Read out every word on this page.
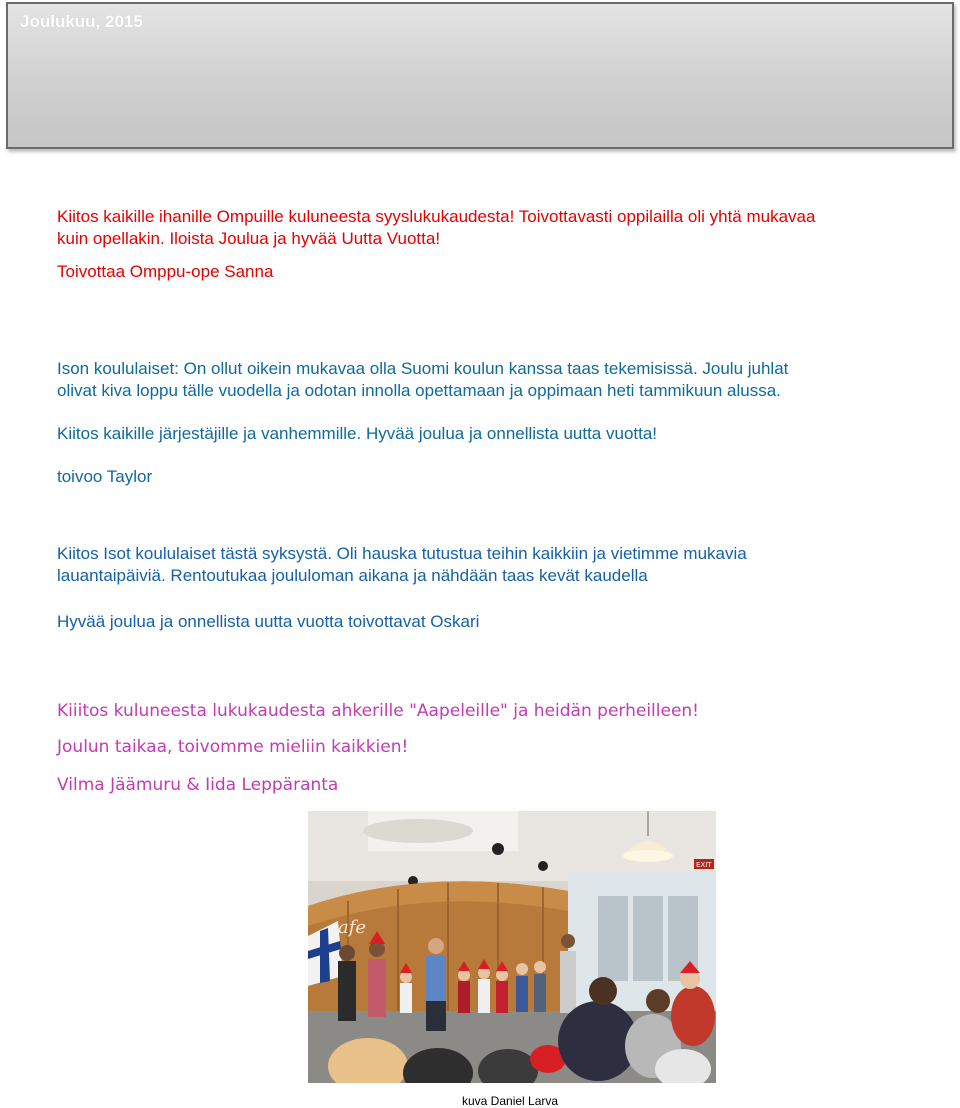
Joulukuu, 2015

Kiitos kaikille ihanille Ompuille kuluneesta syyslukukaudesta! Toivottavasti oppilailla oli yhtä mukavaa

kuin opellakin. Iloista Joulua ja hyvää Uutta Vuotta!

Toivottaa Omppu-ope Sanna

Ison koululaiset: On ollut oikein mukavaa olla Suomi koulun kanssa taas tekemisissä. Joulu juhlat

olivat kiva loppu tälle vuodella ja odotan innolla opettamaan ja oppimaan heti tammikuun alussa.

Kiitos kaikille järjestäjille ja vanhemmille. Hyvää joulua ja onnellista uutta vuotta!

toivoo Taylor

Kiitos Isot koululaiset tästä syksystä. Oli hauska tutustua teihin kaikkiin ja vietimme mukavia

lauantaipäiviä. Rentoutukaa joululoman aikana ja nähdään taas kevät kaudella

Hyvää joulua ja onnellista uutta vuotta toivottavat Oskari

Kiiitos kuluneesta lukukaudesta ahkerille "Aapeleille" ja heidän perheilleen!

Joulun taikaa, toivomme mieliin kaikkien!

Vilma Jäämuru & Iida Leppäranta

afe
EXIT
kuva Daniel Larva
